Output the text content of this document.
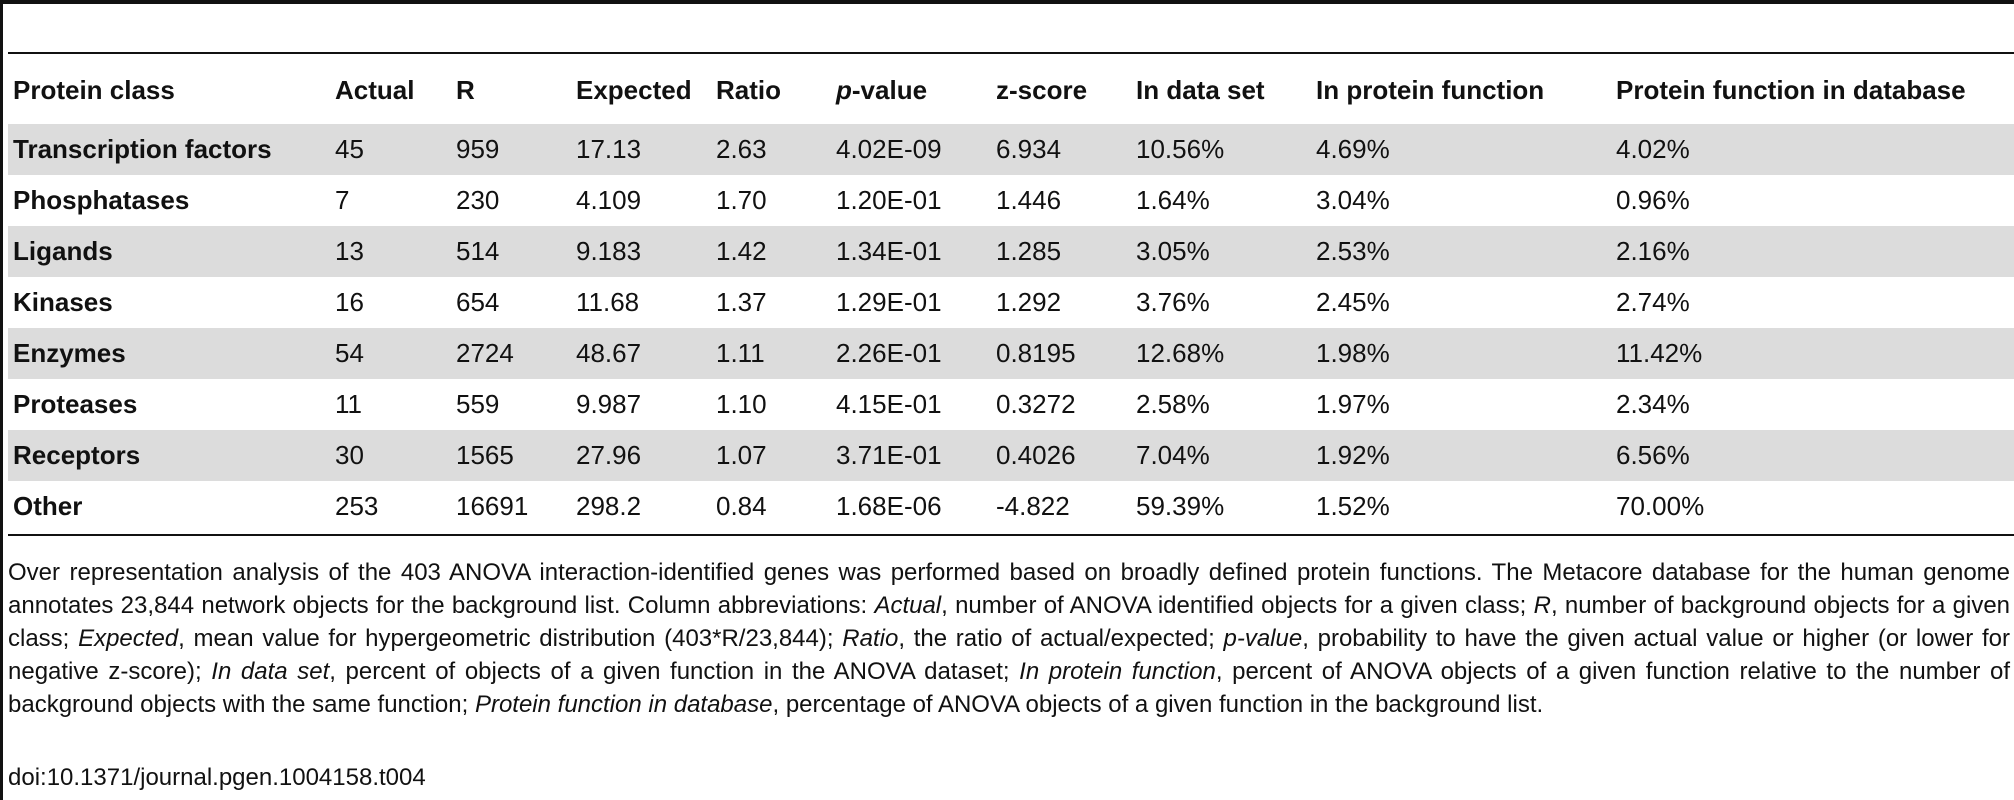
Protein class	Actual	R	Expected	Ratio	p-value	z-score	In data set	In protein function	Protein function in database
Transcription factors	45	959	17.13	2.63	4.02E-09	6.934	10.56%	4.69%	4.02%
Phosphatases	7	230	4.109	1.70	1.20E-01	1.446	1.64%	3.04%	0.96%
Ligands	13	514	9.183	1.42	1.34E-01	1.285	3.05%	2.53%	2.16%
Kinases	16	654	11.68	1.37	1.29E-01	1.292	3.76%	2.45%	2.74%
Enzymes	54	2724	48.67	1.11	2.26E-01	0.8195	12.68%	1.98%	11.42%
Proteases	11	559	9.987	1.10	4.15E-01	0.3272	2.58%	1.97%	2.34%
Receptors	30	1565	27.96	1.07	3.71E-01	0.4026	7.04%	1.92%	6.56%
Other	253	16691	298.2	0.84	1.68E-06	-4.822	59.39%	1.52%	70.00%
Over representation analysis of the 403 ANOVA interaction-identified genes was performed based on broadly defined protein functions. The Metacore database for the human genome annotates 23,844 network objects for the background list. Column abbreviations: Actual, number of ANOVA identified objects for a given class; R, number of background objects for a given class; Expected, mean value for hypergeometric distribution (403*R/23,844); Ratio, the ratio of actual/expected; p-value, probability to have the given actual value or higher (or lower for negative z-score); In data set, percent of objects of a given function in the ANOVA dataset; In protein function, percent of ANOVA objects of a given function relative to the number of background objects with the same function; Protein function in database, percentage of ANOVA objects of a given function in the background list.
doi:10.1371/journal.pgen.1004158.t004
